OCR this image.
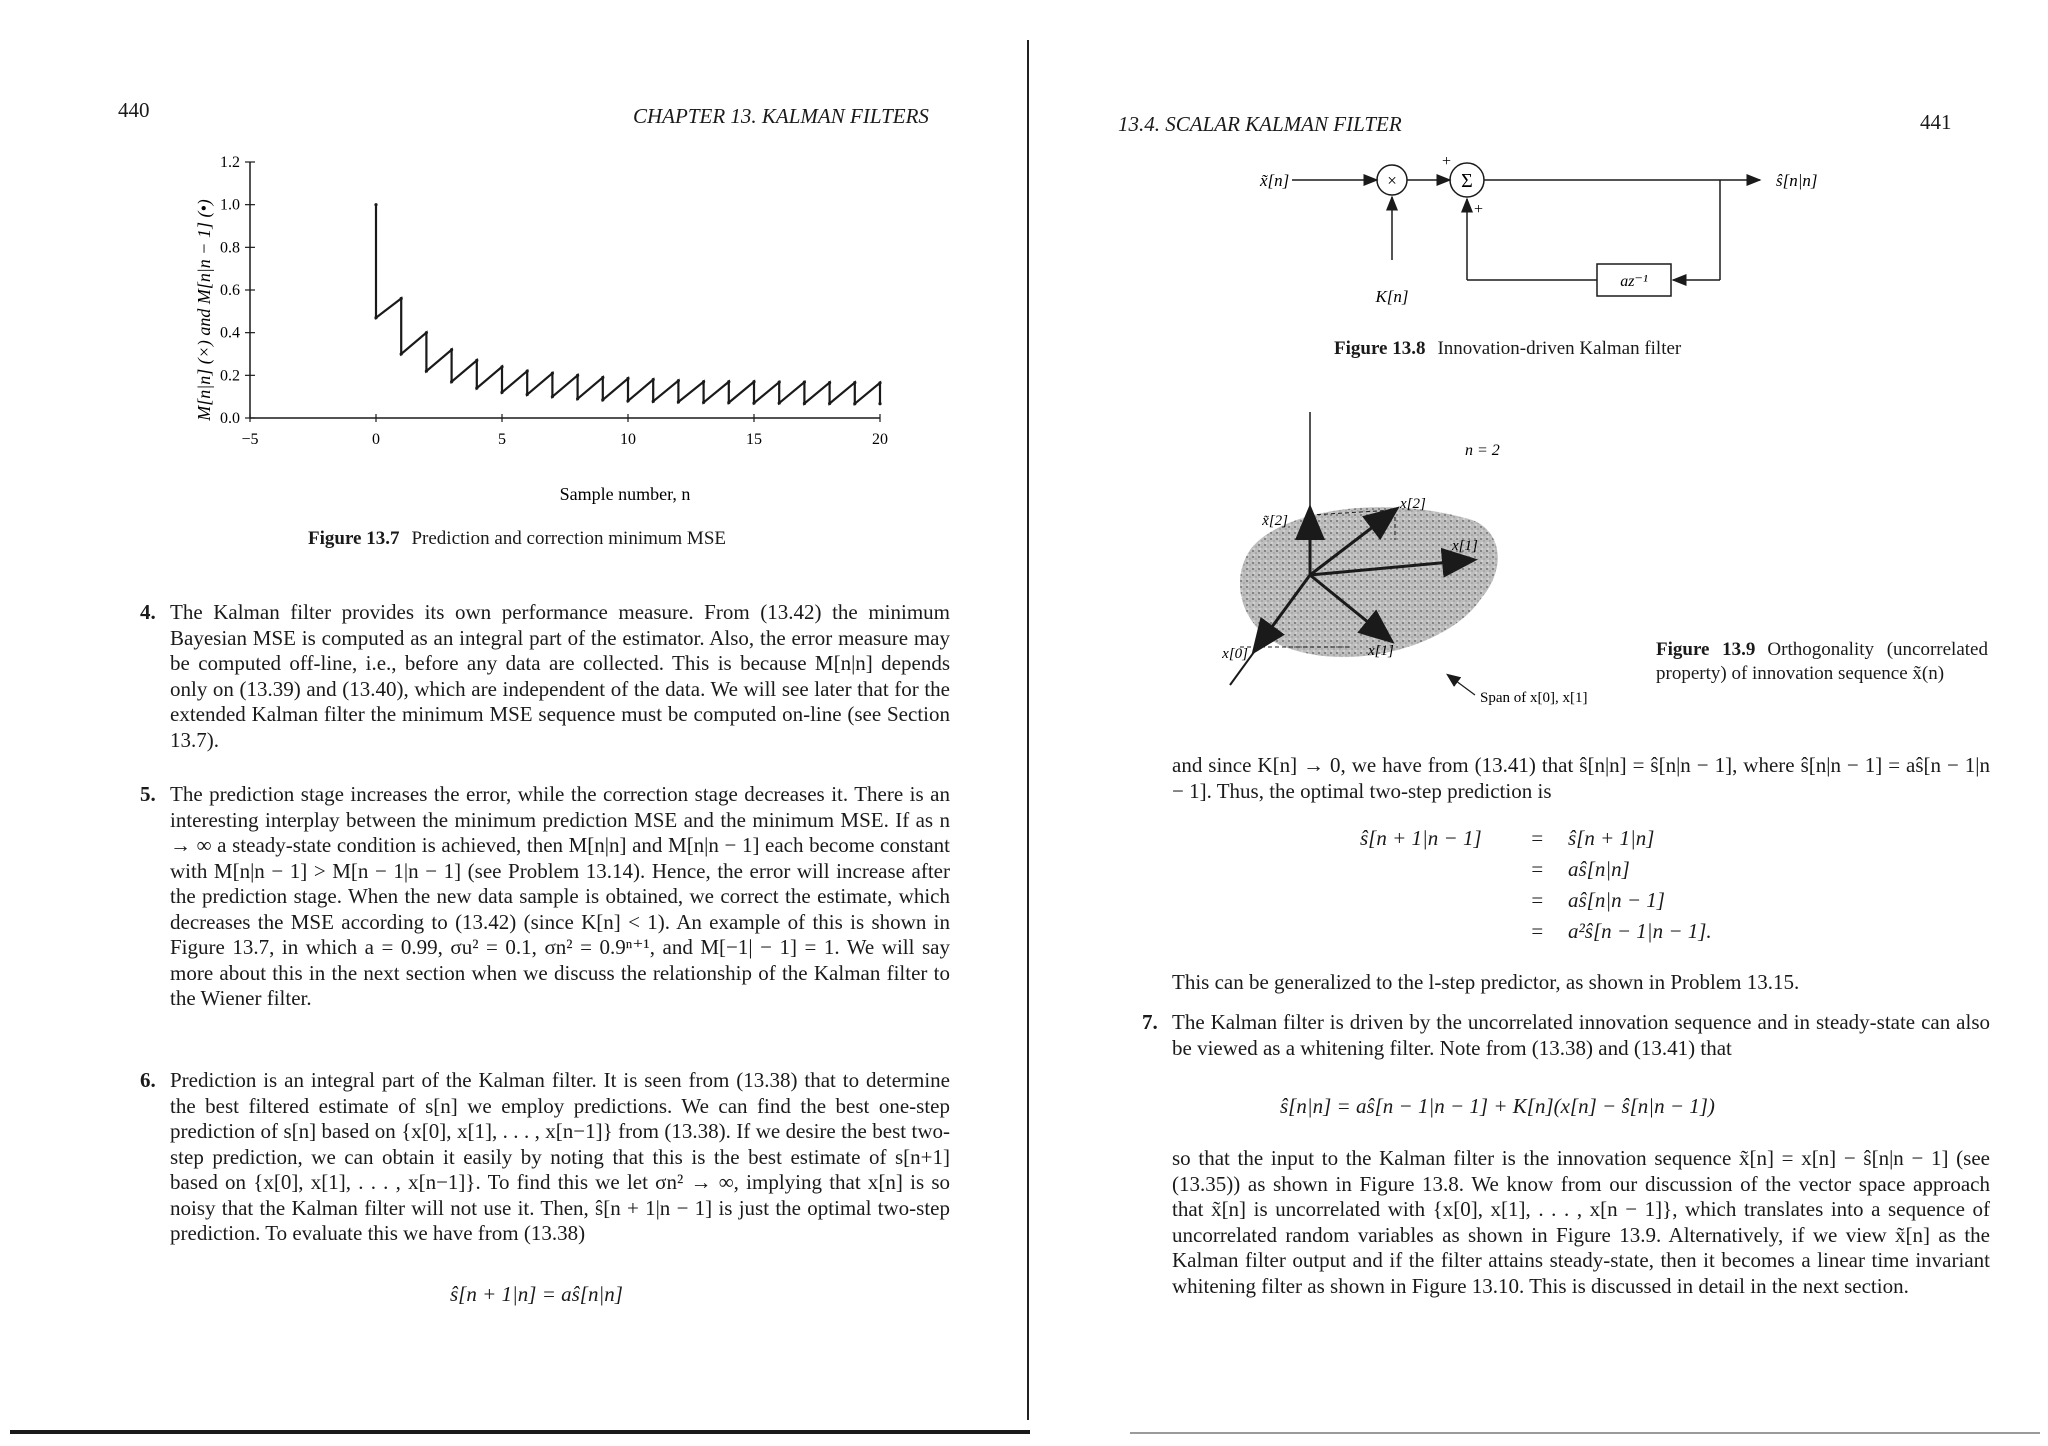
440	CHAPTER 13. KALMAN FILTERS
−5	0	5	10	15	20
0.0
0.2
0.4
0.6
0.8
1.0
1.2
M[n|n] (×) and M[n|n − 1] (•)
Sample number, n
Figure 13.7 Prediction and correction minimum MSE
4. The Kalman filter provides its own performance measure. From (13.42) the minimum Bayesian MSE is computed as an integral part of the estimator. Also, the error measure may be computed off-line, i.e., before any data are collected. This is because M[n|n] depends only on (13.39) and (13.40), which are independent of the data. We will see later that for the extended Kalman filter the minimum MSE sequence must be computed on-line (see Section 13.7).
5. The prediction stage increases the error, while the correction stage decreases it. There is an interesting interplay between the minimum prediction MSE and the minimum MSE. If as n → ∞ a steady-state condition is achieved, then M[n|n] and M[n|n − 1] each become constant with M[n|n − 1] > M[n − 1|n − 1] (see Problem 13.14). Hence, the error will increase after the prediction stage. When the new data sample is obtained, we correct the estimate, which decreases the MSE according to (13.42) (since K[n] < 1). An example of this is shown in Figure 13.7, in which a = 0.99, σu² = 0.1, σn² = 0.9ⁿ⁺¹, and M[−1| − 1] = 1. We will say more about this in the next section when we discuss the relationship of the Kalman filter to the Wiener filter.
6. Prediction is an integral part of the Kalman filter. It is seen from (13.38) that to determine the best filtered estimate of s[n] we employ predictions. We can find the best one-step prediction of s[n] based on {x[0], x[1], . . . , x[n−1]} from (13.38). If we desire the best two-step prediction, we can obtain it easily by noting that this is the best estimate of s[n+1] based on {x[0], x[1], . . . , x[n−1]}. To find this we let σn² → ∞, implying that x[n] is so noisy that the Kalman filter will not use it. Then, ŝ[n + 1|n − 1] is just the optimal two-step prediction. To evaluate this we have from (13.38)
ŝ[n + 1|n] = aŝ[n|n]
13.4. SCALAR KALMAN FILTER	441
x̃[n]	×
K[n]
Σ
+
+
ŝ[n|n]
az⁻¹
Figure 13.8 Innovation-driven Kalman filter
n = 2
x̃[2]
x[2]
x[0]
x[1]
x[1]
Span of x[0], x[1]
Figure 13.9 Orthogonality (uncorrelated property) of innovation sequence x̃(n)
and since K[n] → 0, we have from (13.41) that ŝ[n|n] = ŝ[n|n − 1], where ŝ[n|n − 1] = aŝ[n − 1|n − 1]. Thus, the optimal two-step prediction is
ŝ[n + 1|n − 1] = ŝ[n + 1|n]
= aŝ[n|n]
= aŝ[n|n − 1]
= a²ŝ[n − 1|n − 1].
This can be generalized to the l-step predictor, as shown in Problem 13.15.
7. The Kalman filter is driven by the uncorrelated innovation sequence and in steady-state can also be viewed as a whitening filter. Note from (13.38) and (13.41) that
ŝ[n|n] = aŝ[n − 1|n − 1] + K[n](x[n] − ŝ[n|n − 1])
so that the input to the Kalman filter is the innovation sequence x̃[n] = x[n] − ŝ[n|n − 1] (see (13.35)) as shown in Figure 13.8. We know from our discussion of the vector space approach that x̃[n] is uncorrelated with {x[0], x[1], . . . , x[n − 1]}, which translates into a sequence of uncorrelated random variables as shown in Figure 13.9. Alternatively, if we view x̃[n] as the Kalman filter output and if the filter attains steady-state, then it becomes a linear time invariant whitening filter as shown in Figure 13.10. This is discussed in detail in the next section.
